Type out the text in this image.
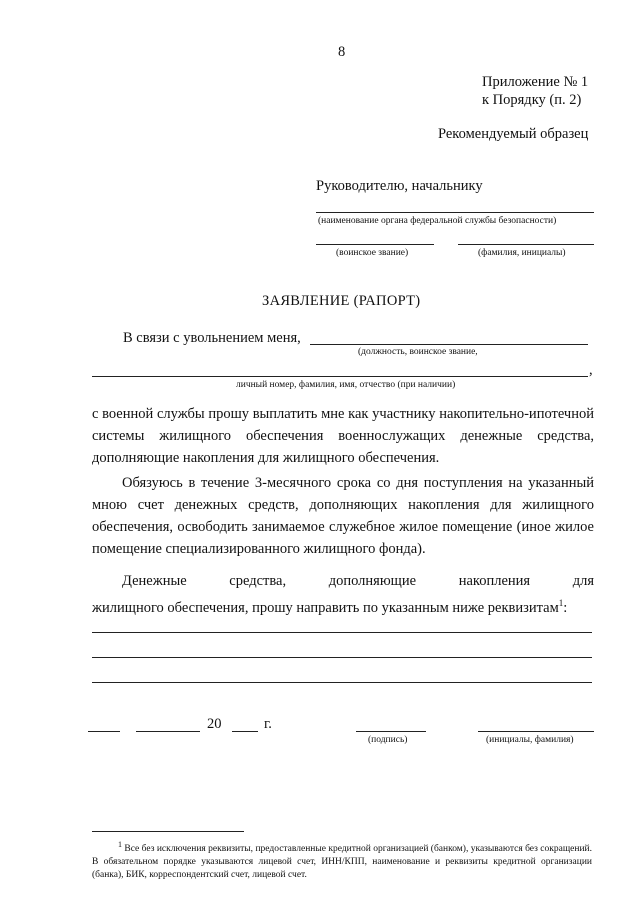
8
Приложение № 1
к Порядку (п. 2)
Рекомендуемый образец
Руководителю, начальнику
(наименование органа федеральной службы безопасности)
(воинское звание)	(фамилия, инициалы)
ЗАЯВЛЕНИЕ (РАПОРТ)
В связи с увольнением меня,
(должность, воинское звание,
,
личный номер, фамилия, имя, отчество (при наличии)
с военной службы прошу выплатить мне как участнику накопительно-ипотечной системы жилищного обеспечения военнослужащих денежные средства, дополняющие накопления для жилищного обеспечения.
Обязуюсь в течение 3-месячного срока со дня поступления на указанный мною счет денежных средств, дополняющих накопления для жилищного обеспечения, освободить занимаемое служебное жилое помещение (иное жилое помещение специализированного жилищного фонда).
Денежные средства, дополняющие накопления для
жилищного обеспечения, прошу направить по указанным ниже реквизитам$^1$:
20	г.
(подпись)	(инициалы, фамилия)
$^1$ Все без исключения реквизиты, предоставленные кредитной организацией (банком), указываются без сокращений. В обязательном порядке указываются лицевой счет, ИНН/КПП, наименование и реквизиты кредитной организации (банка), БИК, корреспондентский счет, лицевой счет.
